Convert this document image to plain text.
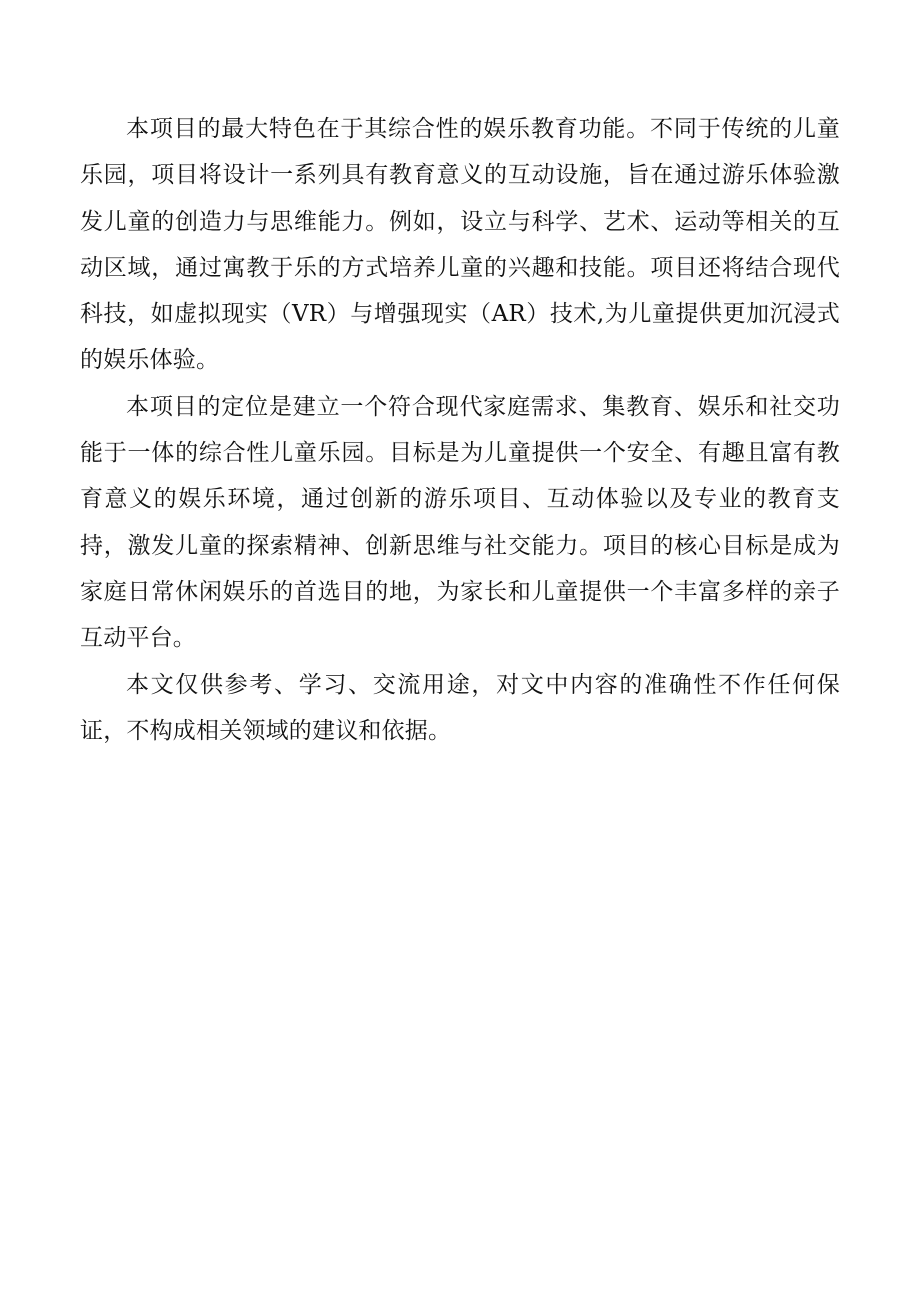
本项目的最大特色在于其综合性的娱乐教育功能。不同于传统的儿童乐园，项目将设计一系列具有教育意义的互动设施，旨在通过游乐体验激发儿童的创造力与思维能力。例如，设立与科学、艺术、运动等相关的互动区域，通过寓教于乐的方式培养儿童的兴趣和技能。项目还将结合现代科技，如虚拟现实（VR）与增强现实（AR）技术,为儿童提供更加沉浸式的娱乐体验。

本项目的定位是建立一个符合现代家庭需求、集教育、娱乐和社交功能于一体的综合性儿童乐园。目标是为儿童提供一个安全、有趣且富有教育意义的娱乐环境，通过创新的游乐项目、互动体验以及专业的教育支持，激发儿童的探索精神、创新思维与社交能力。项目的核心目标是成为家庭日常休闲娱乐的首选目的地，为家长和儿童提供一个丰富多样的亲子互动平台。

本文仅供参考、学习、交流用途，对文中内容的准确性不作任何保证，不构成相关领域的建议和依据。
